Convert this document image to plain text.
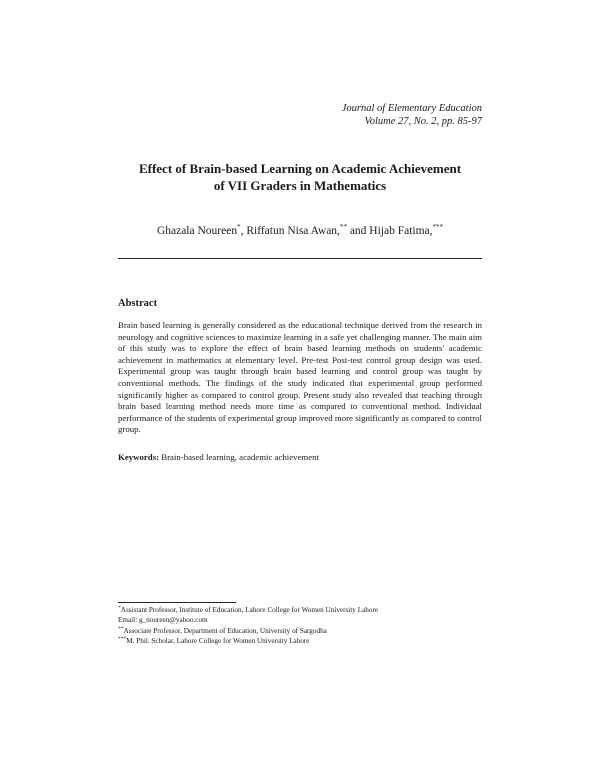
Journal of Elementary Education
Volume 27, No. 2, pp. 85-97
Effect of Brain-based Learning on Academic Achievement
of VII Graders in Mathematics
Ghazala Noureen*, Riffatun Nisa Awan,** and Hijab Fatima,***
Abstract
Brain based learning is generally considered as the educational technique derived from the research in neurology and cognitive sciences to maximize learning in a safe yet challenging manner. The main aim of this study was to explore the effect of brain based learning methods on students' academic achievement in mathematics at elementary level. Pre-test Post-test control group design was used. Experimental group was taught through brain based learning and control group was taught by conventional methods. The findings of the study indicated that experimental group performed significantly higher as compared to control group. Present study also revealed that teaching through brain based learning method needs more time as compared to conventional method. Individual performance of the students of experimental group improved more significantly as compared to control group.
Keywords: Brain-based learning, academic achievement
*Assistant Professor, Institute of Education, Lahore College for Women University Lahore
Email: g_noureen@yahoo.com
**Associate Professor, Department of Education, University of Sargodha
***M. Phil. Scholar, Lahore College for Women University Lahore
